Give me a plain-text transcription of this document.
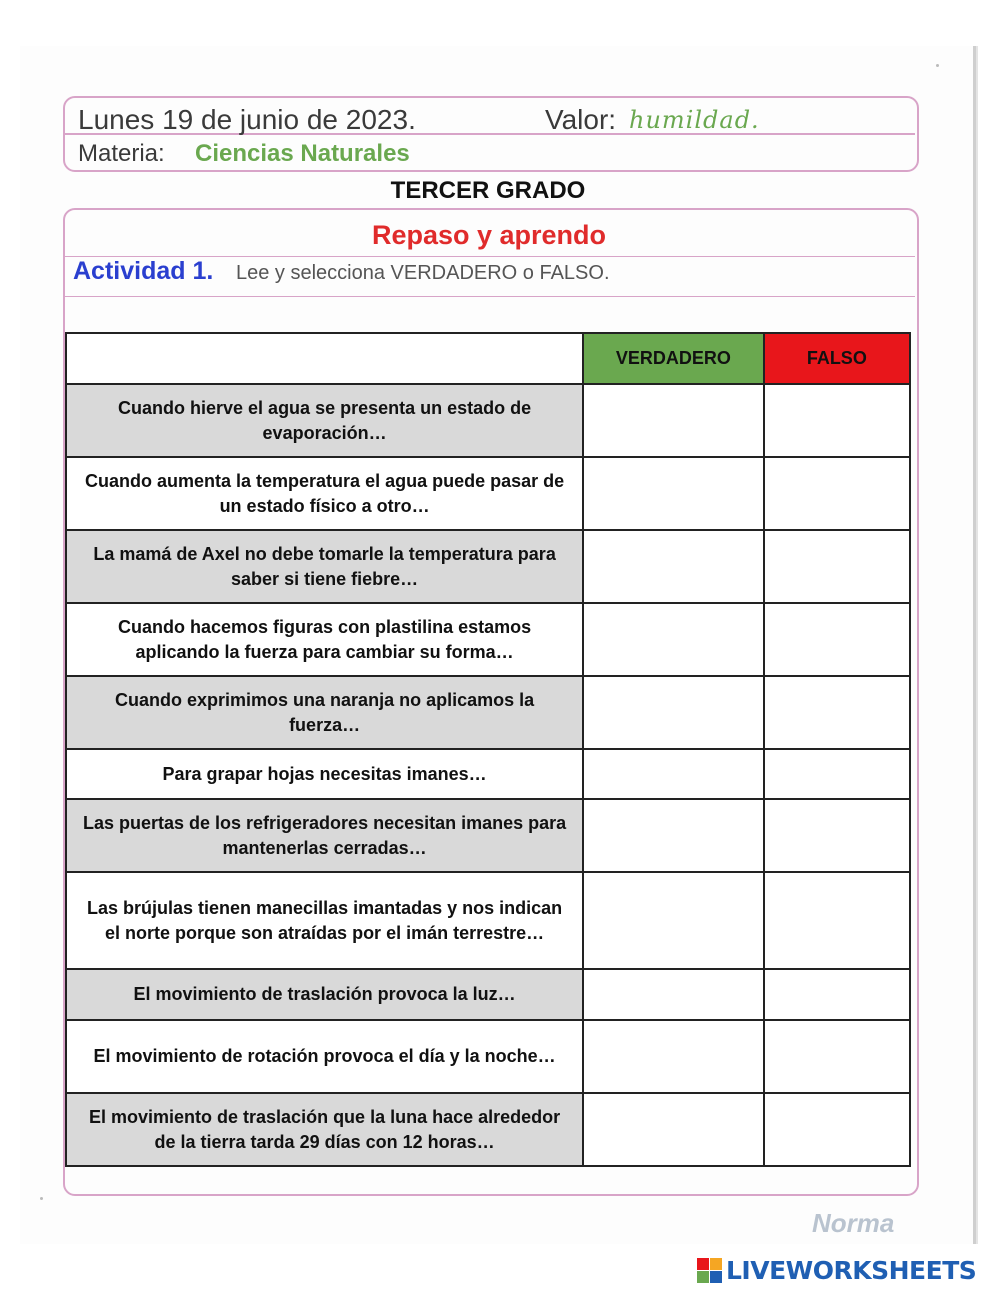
Lunes 19 de junio de 2023.	Valor: humildad.
Materia: Ciencias Naturales
TERCER GRADO
Repaso y aprendo
Actividad 1. Lee y selecciona VERDADERO o FALSO.
	VERDADERO	FALSO
Cuando hierve el agua se presenta un estado de evaporación…		
Cuando aumenta la temperatura el agua puede pasar de un estado físico a otro…		
La mamá de Axel no debe tomarle la temperatura para saber si tiene fiebre…		
Cuando hacemos figuras con plastilina estamos aplicando la fuerza para cambiar su forma…		
Cuando exprimimos una naranja no aplicamos la fuerza…		
Para grapar hojas necesitas imanes…		
Las puertas de los refrigeradores necesitan imanes para mantenerlas cerradas…		
Las brújulas tienen manecillas imantadas y nos indican el norte porque son atraídas por el imán terrestre…		
El movimiento de traslación provoca la luz…		
El movimiento de rotación provoca el día y la noche…		
El movimiento de traslación que la luna hace alrededor de la tierra tarda 29 días con 12 horas…		
Norma
LIVEWORKSHEETS
